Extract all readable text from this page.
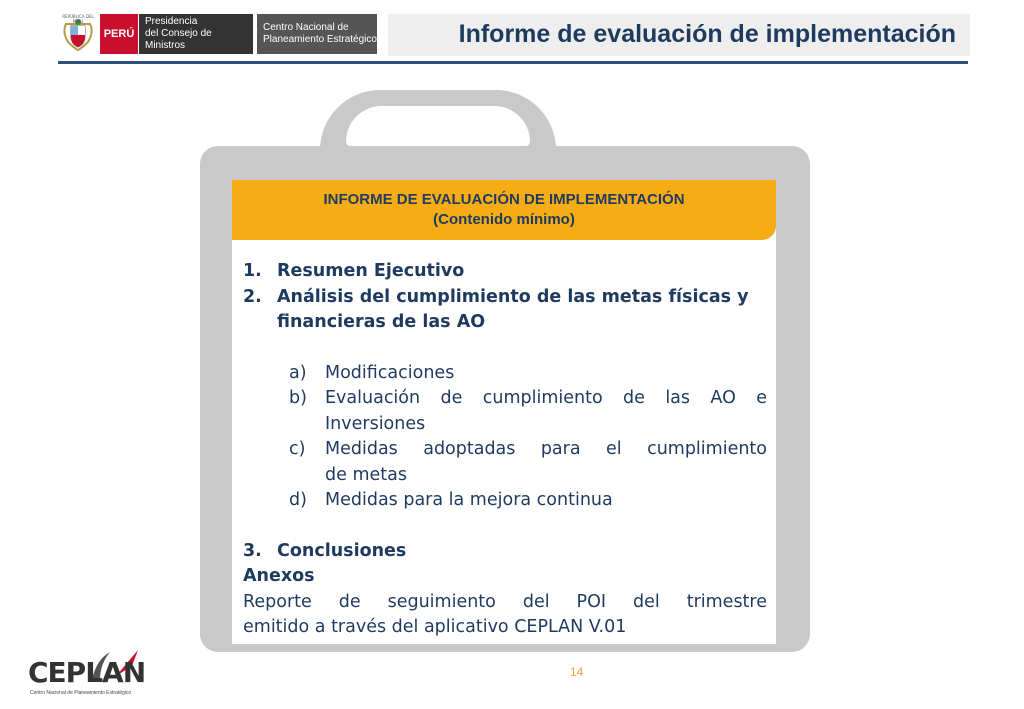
REPÚBLICA DEL PERÚ
PERÚ
Presidencia
del Consejo de Ministros
Centro Nacional de
Planeamiento Estratégico	Informe de evaluación de implementación
INFORME DE EVALUACIÓN DE IMPLEMENTACIÓN
(Contenido mínimo)
1. Resumen Ejecutivo
2. Análisis del cumplimiento de las metas físicas y
financieras de las AO
a)	Modificaciones
b)	Evaluación de cumplimiento de las AO e
Inversiones
c)	Medidas adoptadas para el cumplimiento
de metas
d)	Medidas para la mejora continua
3. Conclusiones
Anexos
Reporte de seguimiento del POI del trimestre
emitido a través del aplicativo CEPLAN V.01
14
CEPLAN
Centro Nacional de Planeamiento Estratégico
